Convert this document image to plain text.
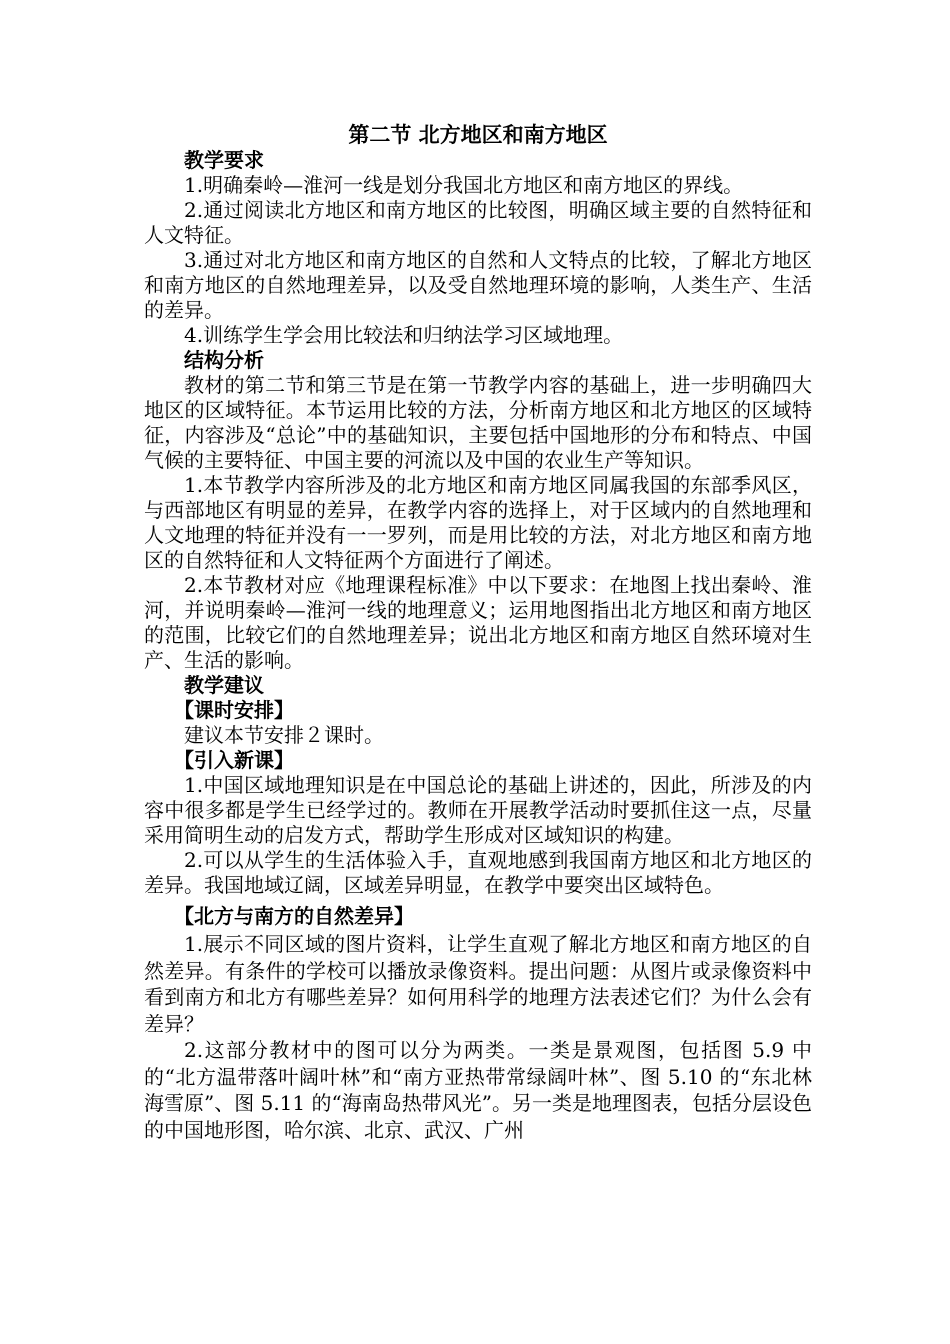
第二节 北方地区和南方地区
教学要求

1.明确秦岭—淮河一线是划分我国北方地区和南方地区的界线。

2.通过阅读北方地区和南方地区的比较图，明确区域主要的自然特征和人文特征。

3.通过对北方地区和南方地区的自然和人文特点的比较，了解北方地区和南方地区的自然地理差异，以及受自然地理环境的影响，人类生产、生活的差异。

4.训练学生学会用比较法和归纳法学习区域地理。

结构分析

教材的第二节和第三节是在第一节教学内容的基础上，进一步明确四大地区的区域特征。本节运用比较的方法，分析南方地区和北方地区的区域特征，内容涉及“总论”中的基础知识，主要包括中国地形的分布和特点、中国气候的主要特征、中国主要的河流以及中国的农业生产等知识。

1.本节教学内容所涉及的北方地区和南方地区同属我国的东部季风区，与西部地区有明显的差异，在教学内容的选择上，对于区域内的自然地理和人文地理的特征并没有一一罗列，而是用比较的方法，对北方地区和南方地区的自然特征和人文特征两个方面进行了阐述。

2.本节教材对应《地理课程标准》中以下要求：在地图上找出秦岭、淮河，并说明秦岭—淮河一线的地理意义；运用地图指出北方地区和南方地区的范围，比较它们的自然地理差异；说出北方地区和南方地区自然环境对生产、生活的影响。

教学建议
【课时安排】

建议本节安排２课时。

【引入新课】

1.中国区域地理知识是在中国总论的基础上讲述的，因此，所涉及的内容中很多都是学生已经学过的。教师在开展教学活动时要抓住这一点，尽量采用简明生动的启发方式，帮助学生形成对区域知识的构建。

2.可以从学生的生活体验入手，直观地感到我国南方地区和北方地区的差异。我国地域辽阔，区域差异明显，在教学中要突出区域特色。

【北方与南方的自然差异】

1.展示不同区域的图片资料，让学生直观了解北方地区和南方地区的自然差异。有条件的学校可以播放录像资料。提出问题：从图片或录像资料中看到南方和北方有哪些差异？如何用科学的地理方法表述它们？为什么会有差异？

2.这部分教材中的图可以分为两类。一类是景观图，包括图 5.9 中的“北方温带落叶阔叶林”和“南方亚热带常绿阔叶林”、图 5.10 的“东北林海雪原”、图 5.11 的“海南岛热带风光”。另一类是地理图表，包括分层设色的中国地形图，哈尔滨、北京、武汉、广州
